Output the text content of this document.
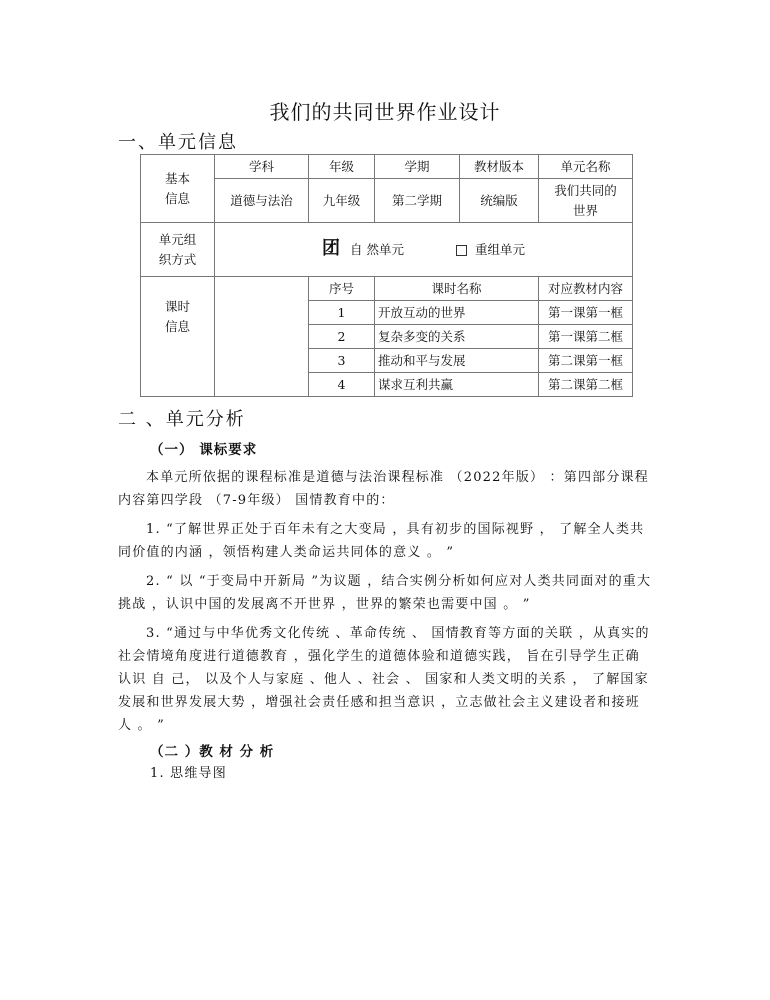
我们的共同世界作业设计
一、单元信息
基本
信息	学科	年级	学期	教材版本	单元名称
	道德与法治	九年级	第二学期	统编版	我们共同的
世界
单元组
织方式	团 自 然单元 重组单元				
课时
信息		序号	课时名称		对应教材内容
		1	开放互动的世界		第一课第一框
		2	复杂多变的关系		第一课第二框
		3	推动和平与发展		第二课第一框
		4	谋求互利共赢		第二课第二框
二 、单元分析
（一） 课标要求

本单元所依据的课程标准是道德与法治课程标准 （2022年版） ：第四部分课程内容第四学段 （7-9年级） 国情教育中的：

1. “了解世界正处于百年未有之大变局 ，具有初步的国际视野 ， 了解全人类共同价值的内涵 ，领悟构建人类命运共同体的意义 。 ”

2. “ 以 “于变局中开新局 ”为议题 ，结合实例分析如何应对人类共同面对的重大挑战 ，认识中国的发展离不开世界 ，世界的繁荣也需要中国 。 ”

3. “通过与中华优秀文化传统 、革命传统 、 国情教育等方面的关联 ，从真实的社会情境角度进行道德教育 ，强化学生的道德体验和道德实践， 旨在引导学生正确认识 自 己， 以及个人与家庭 、他人 、社会 、 国家和人类文明的关系 ， 了解国家发展和世界发展大势 ，增强社会责任感和担当意识 ，立志做社会主义建设者和接班人 。 ”

（二 ）教 材 分 析
1. 思维导图
